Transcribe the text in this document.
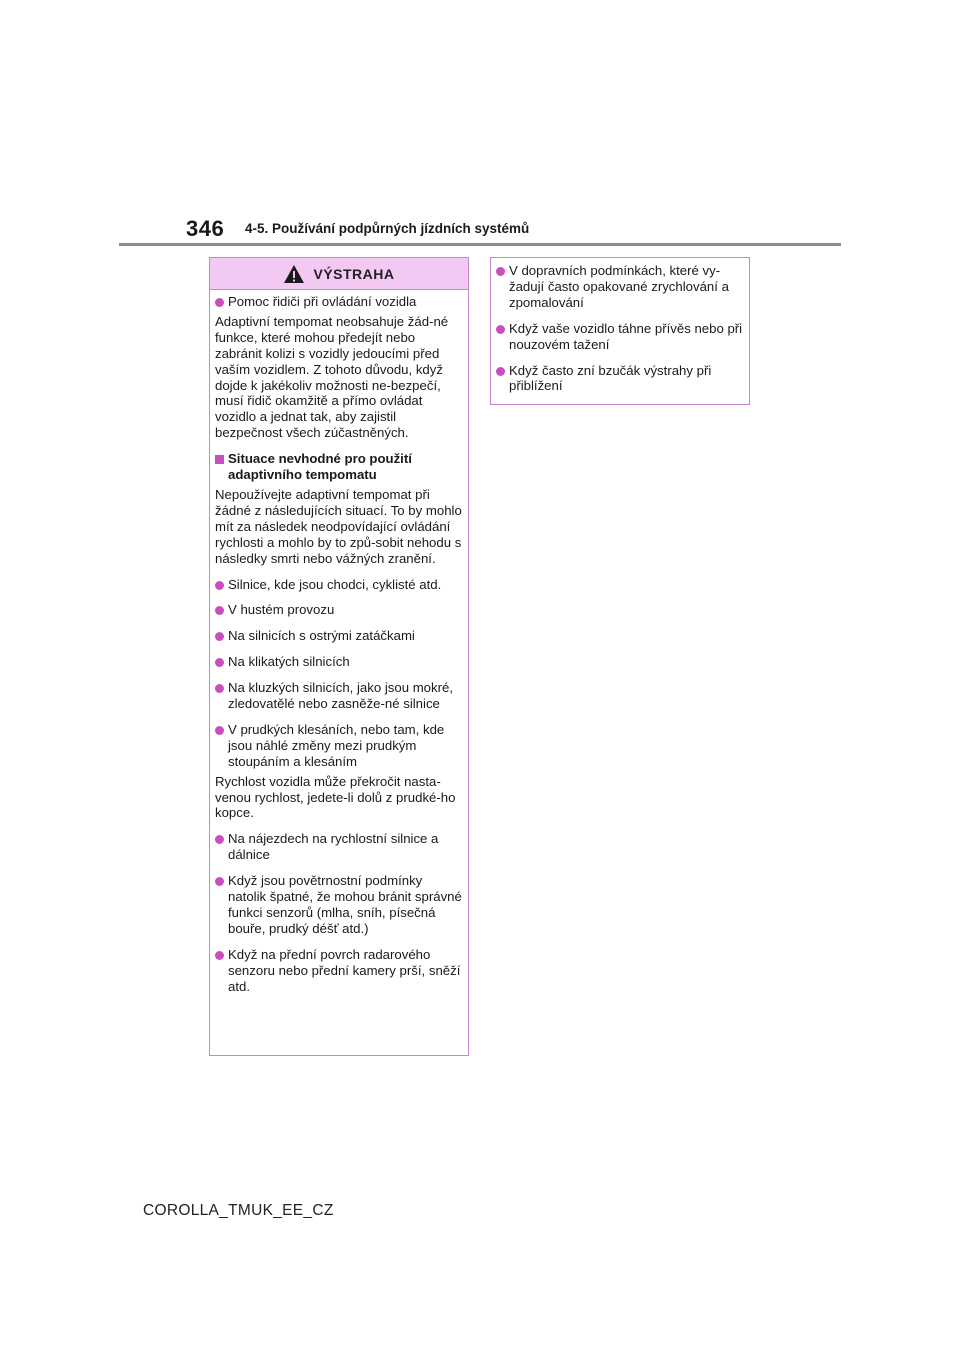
346 4-5. Používání podpůrných jízdních systémů
VÝSTRAHA
Pomoc řidiči při ovládání vozidla
Adaptivní tempomat neobsahuje žád-né funkce, které mohou předejít nebo zabránit kolizi s vozidly jedoucími před vaším vozidlem. Z tohoto důvodu, když dojde k jakékoliv možnosti ne-bezpečí, musí řidič okamžitě a přímo ovládat vozidlo a jednat tak, aby zajistil bezpečnost všech zúčastněných.
Situace nevhodné pro použití adaptivního tempomatu
Nepoužívejte adaptivní tempomat při žádné z následujících situací. To by mohlo mít za následek neodpovídající ovládání rychlosti a mohlo by to způ-sobit nehodu s následky smrti nebo vážných zranění.
Silnice, kde jsou chodci, cyklisté atd.
V hustém provozu
Na silnicích s ostrými zatáčkami
Na klikatých silnicích
Na kluzkých silnicích, jako jsou mokré, zledovatělé nebo zasněže-né silnice
V prudkých klesáních, nebo tam, kde jsou náhlé změny mezi prudkým stoupáním a klesáním
Rychlost vozidla může překročit nasta-venou rychlost, jedete-li dolů z prudké-ho kopce.
Na nájezdech na rychlostní silnice a dálnice
Když jsou povětrnostní podmínky natolik špatné, že mohou bránit správné funkci senzorů (mlha, sníh, písečná bouře, prudký déšť atd.)
Když na přední povrch radarového senzoru nebo přední kamery prší, sněží atd.
V dopravních podmínkách, které vy-žadují často opakované zrychlování a zpomalování
Když vaše vozidlo táhne přívěs nebo při nouzovém tažení
Když často zní bzučák výstrahy při přiblížení
COROLLA_TMUK_EE_CZ
